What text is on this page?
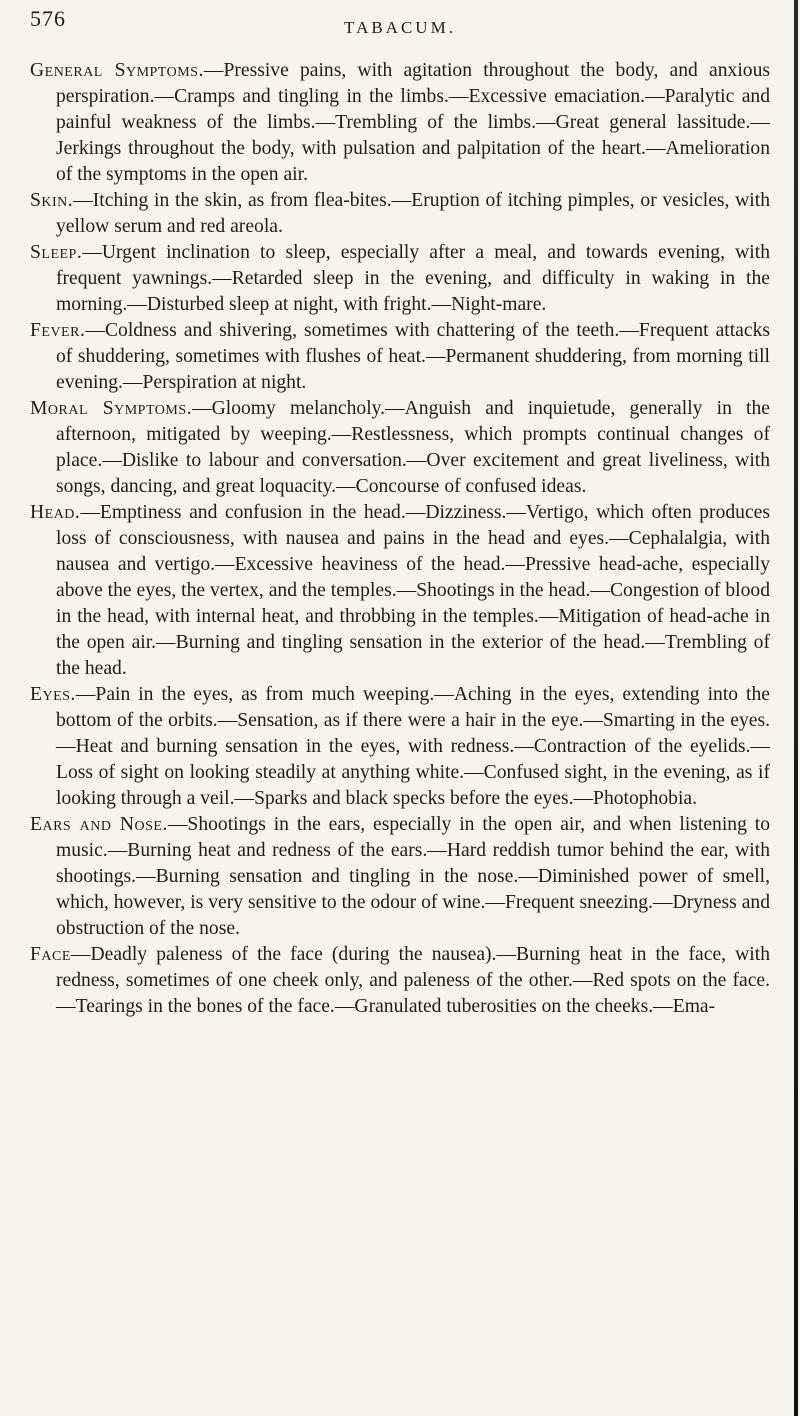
576	TABACUM.

General Symptoms.—Pressive pains, with agitation throughout the body, and anxious perspiration.—Cramps and tingling in the limbs.—Excessive emaciation.—Paralytic and painful weakness of the limbs.—Trembling of the limbs.—Great general lassitude.—Jerkings throughout the body, with pulsation and palpitation of the heart.—Amelioration of the symptoms in the open air.

Skin.—Itching in the skin, as from flea-bites.—Eruption of itching pimples, or vesicles, with yellow serum and red areola.

Sleep.—Urgent inclination to sleep, especially after a meal, and towards evening, with frequent yawnings.—Retarded sleep in the evening, and difficulty in waking in the morning.—Disturbed sleep at night, with fright.—Night-mare.

Fever.—Coldness and shivering, sometimes with chattering of the teeth.—Frequent attacks of shuddering, sometimes with flushes of heat.—Permanent shuddering, from morning till evening.—Perspiration at night.

Moral Symptoms.—Gloomy melancholy.—Anguish and inquietude, generally in the afternoon, mitigated by weeping.—Restlessness, which prompts continual changes of place.—Dislike to labour and conversation.—Over excitement and great liveliness, with songs, dancing, and great loquacity.—Concourse of confused ideas.

Head.—Emptiness and confusion in the head.—Dizziness.—Vertigo, which often produces loss of consciousness, with nausea and pains in the head and eyes.—Cephalalgia, with nausea and vertigo.—Excessive heaviness of the head.—Pressive head-ache, especially above the eyes, the vertex, and the temples.—Shootings in the head.—Congestion of blood in the head, with internal heat, and throbbing in the temples.—Mitigation of head-ache in the open air.—Burning and tingling sensation in the exterior of the head.—Trembling of the head.

Eyes.—Pain in the eyes, as from much weeping.—Aching in the eyes, extending into the bottom of the orbits.—Sensation, as if there were a hair in the eye.—Smarting in the eyes.—Heat and burning sensation in the eyes, with redness.—Contraction of the eyelids.—Loss of sight on looking steadily at anything white.—Confused sight, in the evening, as if looking through a veil.—Sparks and black specks before the eyes.—Photophobia.

Ears and Nose.—Shootings in the ears, especially in the open air, and when listening to music.—Burning heat and redness of the ears.—Hard reddish tumor behind the ear, with shootings.—Burning sensation and tingling in the nose.—Diminished power of smell, which, however, is very sensitive to the odour of wine.—Frequent sneezing.—Dryness and obstruction of the nose.

Face—Deadly paleness of the face (during the nausea).—Burning heat in the face, with redness, sometimes of one cheek only, and paleness of the other.—Red spots on the face.—Tearings in the bones of the face.—Granulated tuberosities on the cheeks.—Ema-
